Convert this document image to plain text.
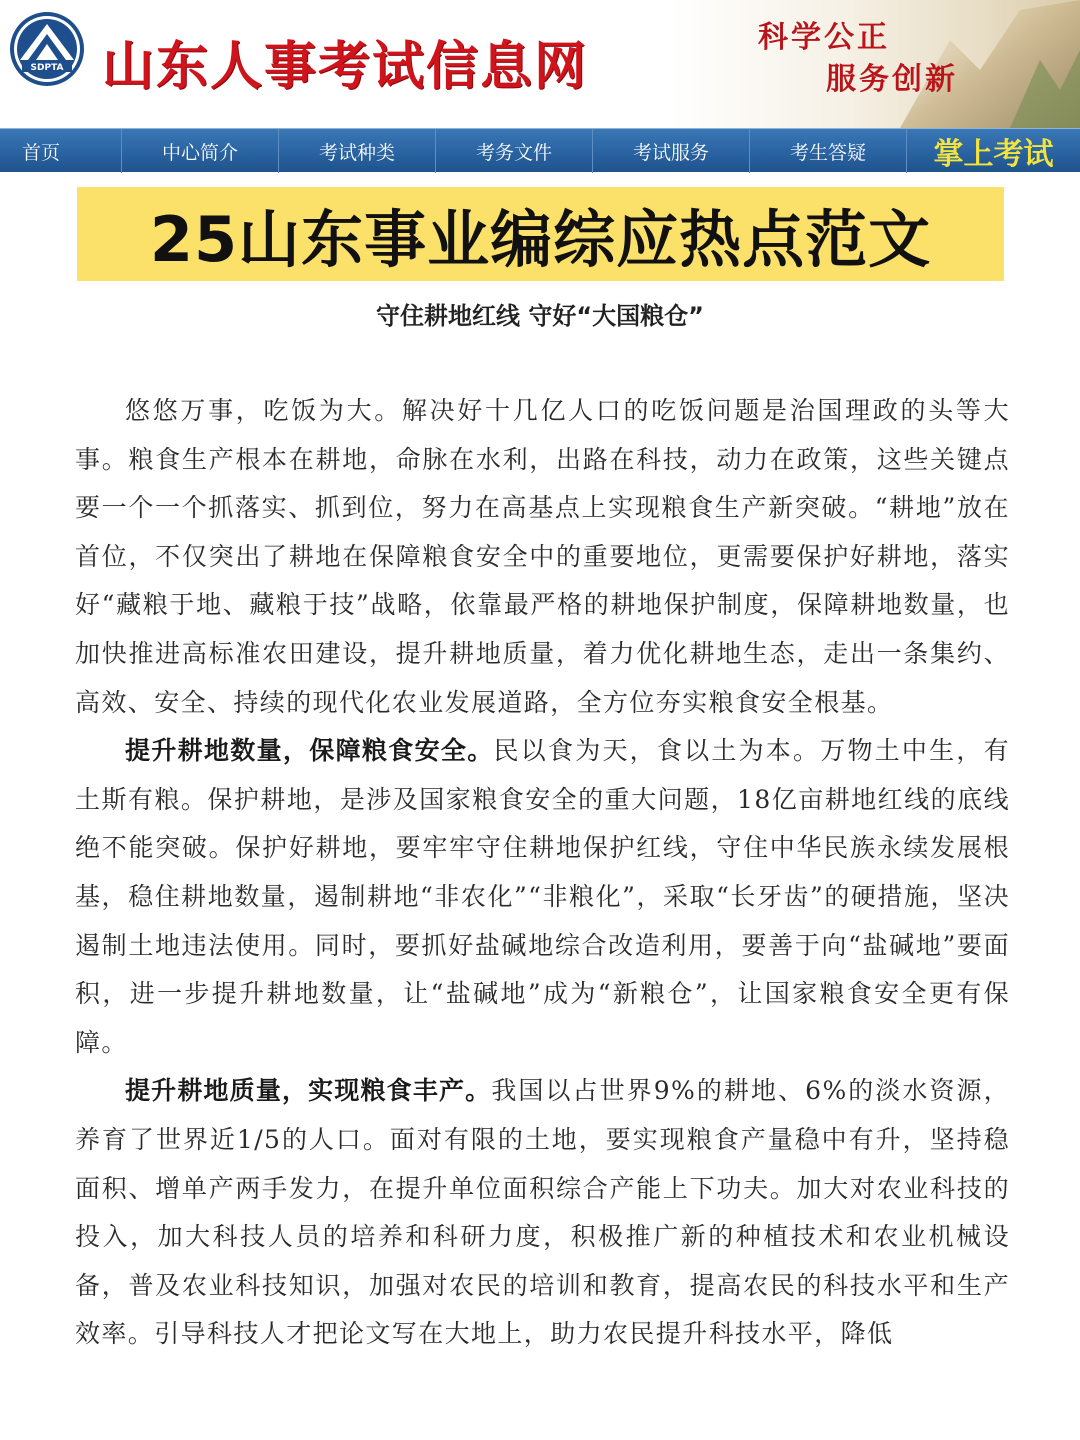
SDPTA 山东人事考试信息网	科学公正
服务创新
首页	中心简介	考试种类	考务文件	考试服务	考生答疑	掌上考试
25山东事业编综应热点范文
守住耕地红线 守好“大国粮仓”

悠悠万事，吃饭为大。解决好十几亿人口的吃饭问题是治国理政的头等大事。粮食生产根本在耕地，命脉在水利，出路在科技，动力在政策，这些关键点要一个一个抓落实、抓到位，努力在高基点上实现粮食生产新突破。“耕地”放在首位，不仅突出了耕地在保障粮食安全中的重要地位，更需要保护好耕地，落实好“藏粮于地、藏粮于技”战略，依靠最严格的耕地保护制度，保障耕地数量，也加快推进高标准农田建设，提升耕地质量，着力优化耕地生态，走出一条集约、高效、安全、持续的现代化农业发展道路，全方位夯实粮食安全根基。

提升耕地数量，保障粮食安全。民以食为天，食以土为本。万物土中生，有土斯有粮。保护耕地，是涉及国家粮食安全的重大问题，18亿亩耕地红线的底线绝不能突破。保护好耕地，要牢牢守住耕地保护红线，守住中华民族永续发展根基，稳住耕地数量，遏制耕地“非农化”“非粮化”，采取“长牙齿”的硬措施，坚决遏制土地违法使用。同时，要抓好盐碱地综合改造利用，要善于向“盐碱地”要面积，进一步提升耕地数量，让“盐碱地”成为“新粮仓”，让国家粮食安全更有保障。

提升耕地质量，实现粮食丰产。我国以占世界9%的耕地、6%的淡水资源，养育了世界近1/5的人口。面对有限的土地，要实现粮食产量稳中有升，坚持稳面积、增单产两手发力，在提升单位面积综合产能上下功夫。加大对农业科技的投入，加大科技人员的培养和科研力度，积极推广新的种植技术和农业机械设备，普及农业科技知识，加强对农民的培训和教育，提高农民的科技水平和生产效率。引导科技人才把论文写在大地上，助力农民提升科技水平，降低
